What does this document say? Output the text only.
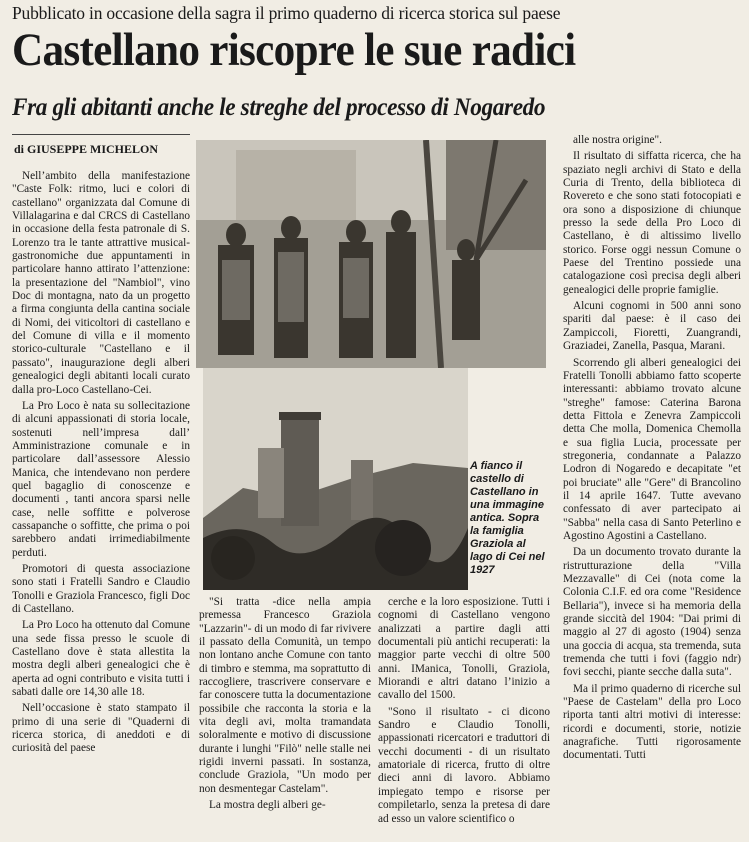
Pubblicato in occasione della sagra il primo quaderno di ricerca storica sul paese
Castellano riscopre le sue radici
Fra gli abitanti anche le streghe del processo di Nogaredo
di GIUSEPPE MICHELON

Nell’ambito della manifestazione "Caste Folk: ritmo, luci e colori di castellano" organizzata dal Comune di Villalagarina e dal CRCS di Castellano in occasione della festa patronale di S. Lorenzo tra le tante attrattive musical-gastronomiche due appuntamenti in particolare hanno attirato l’attenzione: la presentazione del "Nambiol", vino Doc di montagna, nato da un progetto a firma congiunta della cantina sociale di Nomi, dei viticoltori di castellano e del Comune di villa e il momento storico-culturale "Castellano e il passato", inaugurazione degli alberi genealogici degli abitanti locali curato dalla pro-Loco Castellano-Cei.

La Pro Loco è nata su sollecitazione di alcuni appassionati di storia locale, sostenuti nell’impresa dall’ Amministrazione comunale e in particolare dall’assessore Alessio Manica, che intendevano non perdere quel bagaglio di conoscenze e documenti , tanti ancora sparsi nelle case, nelle soffitte e polverose cassapanche o soffitte, che prima o poi sarebbero andati irrimediabilmente perduti.

Promotori di questa associazione sono stati i Fratelli Sandro e Claudio Tonolli e Graziola Francesco, figli Doc di Castellano.

La Pro Loco ha ottenuto dal Comune una sede fissa presso le scuole di Castellano dove è stata allestita la mostra degli alberi genealogici che è aperta ad ogni contributo e visita tutti i sabati dalle ore 14,30 alle 18.

Nell’occasione è stato stampato il primo di una serie di "Quaderni di ricerca storica, di aneddoti e di curiosità del paese

A fianco il castello di Castellano in una immagine antica. Sopra la famiglia Graziola al lago di Cei nel 1927

"Si tratta -dice nella ampia premessa Francesco Graziola "Lazzarin"- di un modo di far rivivere il passato della Comunità, un tempo non lontano anche Comune con tanto di timbro e stemma, ma soprattutto di raccogliere, trascrivere conservare e far conoscere tutta la documentazione possibile che racconta la storia e la vita degli avi, molta tramandata soloralmente e motivo di discussione durante i lunghi "Filò" nelle stalle nei rigidi inverni passati. In sostanza, conclude Graziola, "Un modo per non desmentegar Castelam".

La mostra degli alberi ge-

cerche e la loro esposizione. Tutti i cognomi di Castellano vengono analizzati a partire dagli atti documentali più antichi recuperati: la maggior parte vecchi di oltre 500 anni. IManica, Tonolli, Graziola, Miorandi e altri datano l’inizio a cavallo del 1500.

"Sono il risultato - ci dicono Sandro e Claudio Tonolli, appassionati ricercatori e traduttori di vecchi documenti - di un risultato amatoriale di ricerca, frutto di oltre dieci anni di lavoro. Abbiamo impiegato tempo e risorse per compiletarlo, senza la pretesa di dare ad esso un valore scientifico o

alle nostra origine".

Il risultato di siffatta ricerca, che ha spaziato negli archivi di Stato e della Curia di Trento, della biblioteca di Rovereto e che sono stati fotocopiati e ora sono a disposizione di chiunque presso la sede della Pro Loco di Castellano, è di altissimo livello storico. Forse oggi nessun Comune o Paese del Trentino possiede una catalogazione così precisa degli alberi genealogici delle proprie famiglie.

Alcuni cognomi in 500 anni sono spariti dal paese: è il caso dei Zampiccoli, Fioretti, Zuangrandi, Graziadei, Zanella, Pasqua, Marani.

Scorrendo gli alberi genealogici dei Fratelli Tonolli abbiamo fatto scoperte interessanti: abbiamo trovato alcune "streghe" famose: Caterina Barona detta Fittola e Zenevra Zampiccoli detta Che molla, Domenica Chemolla e sua figlia Lucia, processate per stregoneria, condannate a Palazzo Lodron di Nogaredo e decapitate "et poi bruciate" alle "Gere" di Brancolino il 14 aprile 1647. Tutte avevano confessato di aver partecipato ai "Sabba" nella casa di Santo Peterlino e Agostino Agostini a Castellano.

Da un documento trovato durante la ristrutturazione della "Villa Mezzavalle" di Cei (nota come la Colonia C.I.F. ed ora come "Residence Bellaria"), invece si ha memoria della grande siccità del 1904: "Dai primi di maggio al 27 di agosto (1904) senza una goccia di acqua, sta tremenda, suta tremenda che tutti i fovi (faggio ndr) fovi secchi, piante secche dalla suta".

Ma il primo quaderno di ricerche sul "Paese de Castelam" della pro Loco riporta tanti altri motivi di interesse: ricordi e documenti, storie, notizie anagrafiche. Tutti rigorosamente documentati. Tutti
